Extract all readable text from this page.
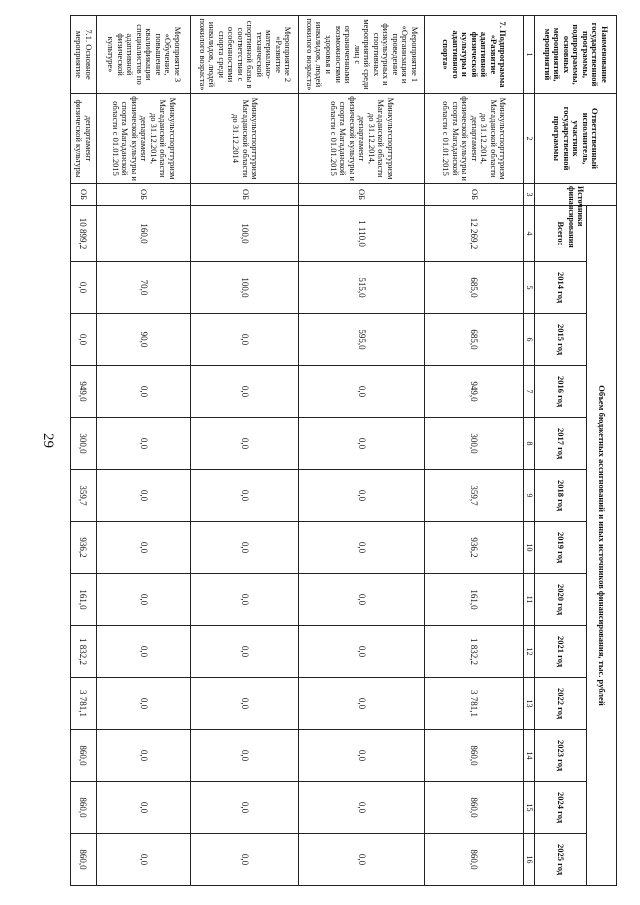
29
Наименование государственной программы, подпрограммы, основных мероприятий, мероприятий	Ответственный исполнитель, участник государственной программы	Источники финансирования	Объем бюджетных ассигнований и иных источников финансирования, тыс. рублей												
			Всего:	2014 год	2015 год	2016 год	2017 год	2018 год	2019 год	2020 год	2021 год	2022 год	2023 год	2024 год	2025 год
1	2	3	4	5	6	7	8	9	10	11	12	13	14	15	16
7. Подпрограмма «Развитие адаптивной физической культуры и адаптивного спорта»	Минкультспорттуризм Магаданской области до 31.12.2014, департамент физической культуры и спорта Магаданской области с 01.01.2015	ОБ	12 269,2	685,0	685,0	949,0	300,0	359,7	936,2	161,0	1 832,2	3 781,1	860,0	860,0	860,0
Мероприятие 1 «Организация и проведение физкультурных и спортивных мероприятий среди лиц с ограниченными возможностями здоровья и инвалидов, людей пожилого возраста»	Минкультспорттуризм Магаданской области до 31.12.2014, департамент физической культуры и спорта Магаданской области с 01.01.2015	ОБ	1 110,0	515,0	595,0	0,0	0,0	0,0	0,0	0,0	0,0	0,0	0,0	0,0	0,0
Мероприятие 2 «Развитие материально-технической спортивной базы в соответствии с особенностями спорта среди инвалидов, людей пожилого возраста»	Минкультспорттуризм Магаданской области до 31.12.2014	ОБ	100,0	100,0	0,0	0,0	0,0	0,0	0,0	0,0	0,0	0,0	0,0	0,0	0,0
Мероприятие 3 «Обучение, повышение квалификации специалистов по адаптивной физической культуре»	Минкультспорттуризм Магаданской области до 31.12.2014, департамент физической культуры и спорта Магаданской области с 01.01.2015	ОБ	160,0	70,0	90,0	0,0	0,0	0,0	0,0	0,0	0,0	0,0	0,0	0,0	0,0
7.1. Основное мероприятие	департамент физической культуры	ОБ	10 899,2	0,0	0,0	949,0	300,0	359,7	936,2	161,0	1 832,2	3 781,1	860,0	860,0	860,0
